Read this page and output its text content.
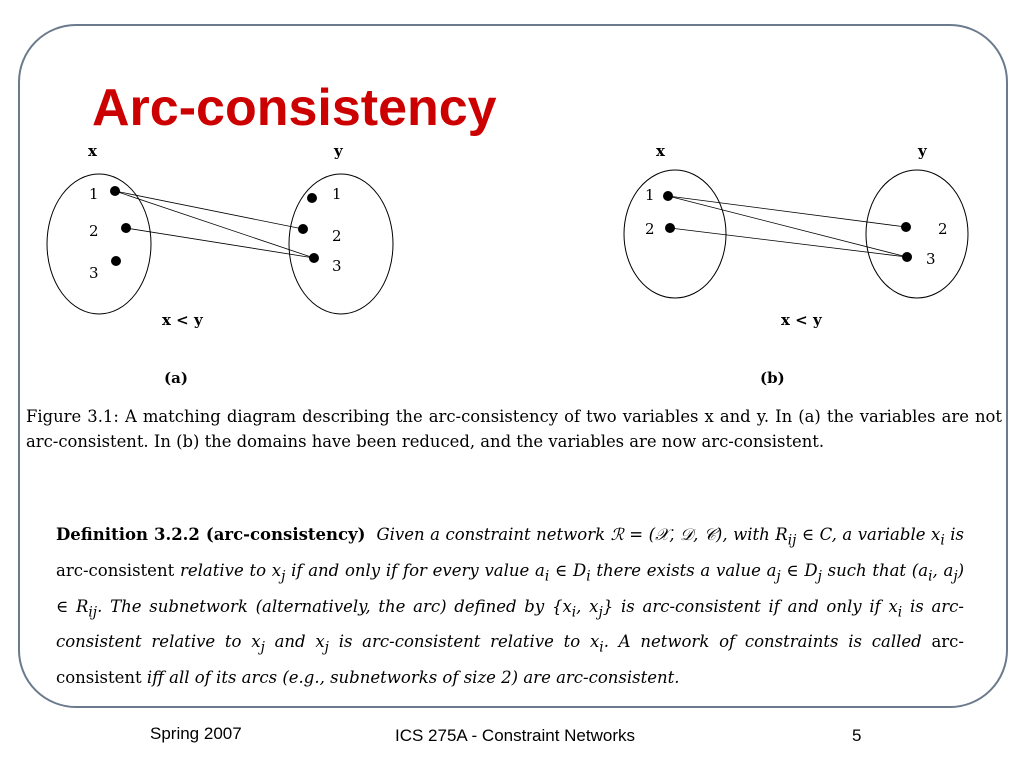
Arc-consistency
x	y
1
2
3
1
2
3
x < y
(a)
x	y
1
2	2
3
x < y
(b)

Figure 3.1: A matching diagram describing the arc-consistency of two variables x and y. In (a) the variables are not arc-consistent. In (b) the domains have been reduced, and the variables are now arc-consistent.

Definition 3.2.2 (arc-consistency) Given a constraint network ℛ = (𝒳, 𝒟, 𝒞), with $R_{ij}$ ∈ C, a variable $x_i$ is arc-consistent relative to $x_j$ if and only if for every value $a_i$ ∈ $D_i$ there exists a value $a_j$ ∈ $D_j$ such that ($a_i$, $a_j$) ∈ $R_{ij}$. The subnetwork (alternatively, the arc) defined by {$x_i$, $x_j$} is arc-consistent if and only if $x_i$ is arc-consistent relative to $x_j$ and $x_j$ is arc-consistent relative to $x_i$. A network of constraints is called arc-consistent iff all of its arcs (e.g., subnetworks of size 2) are arc-consistent.

Spring 2007	ICS 275A - Constraint Networks	5
